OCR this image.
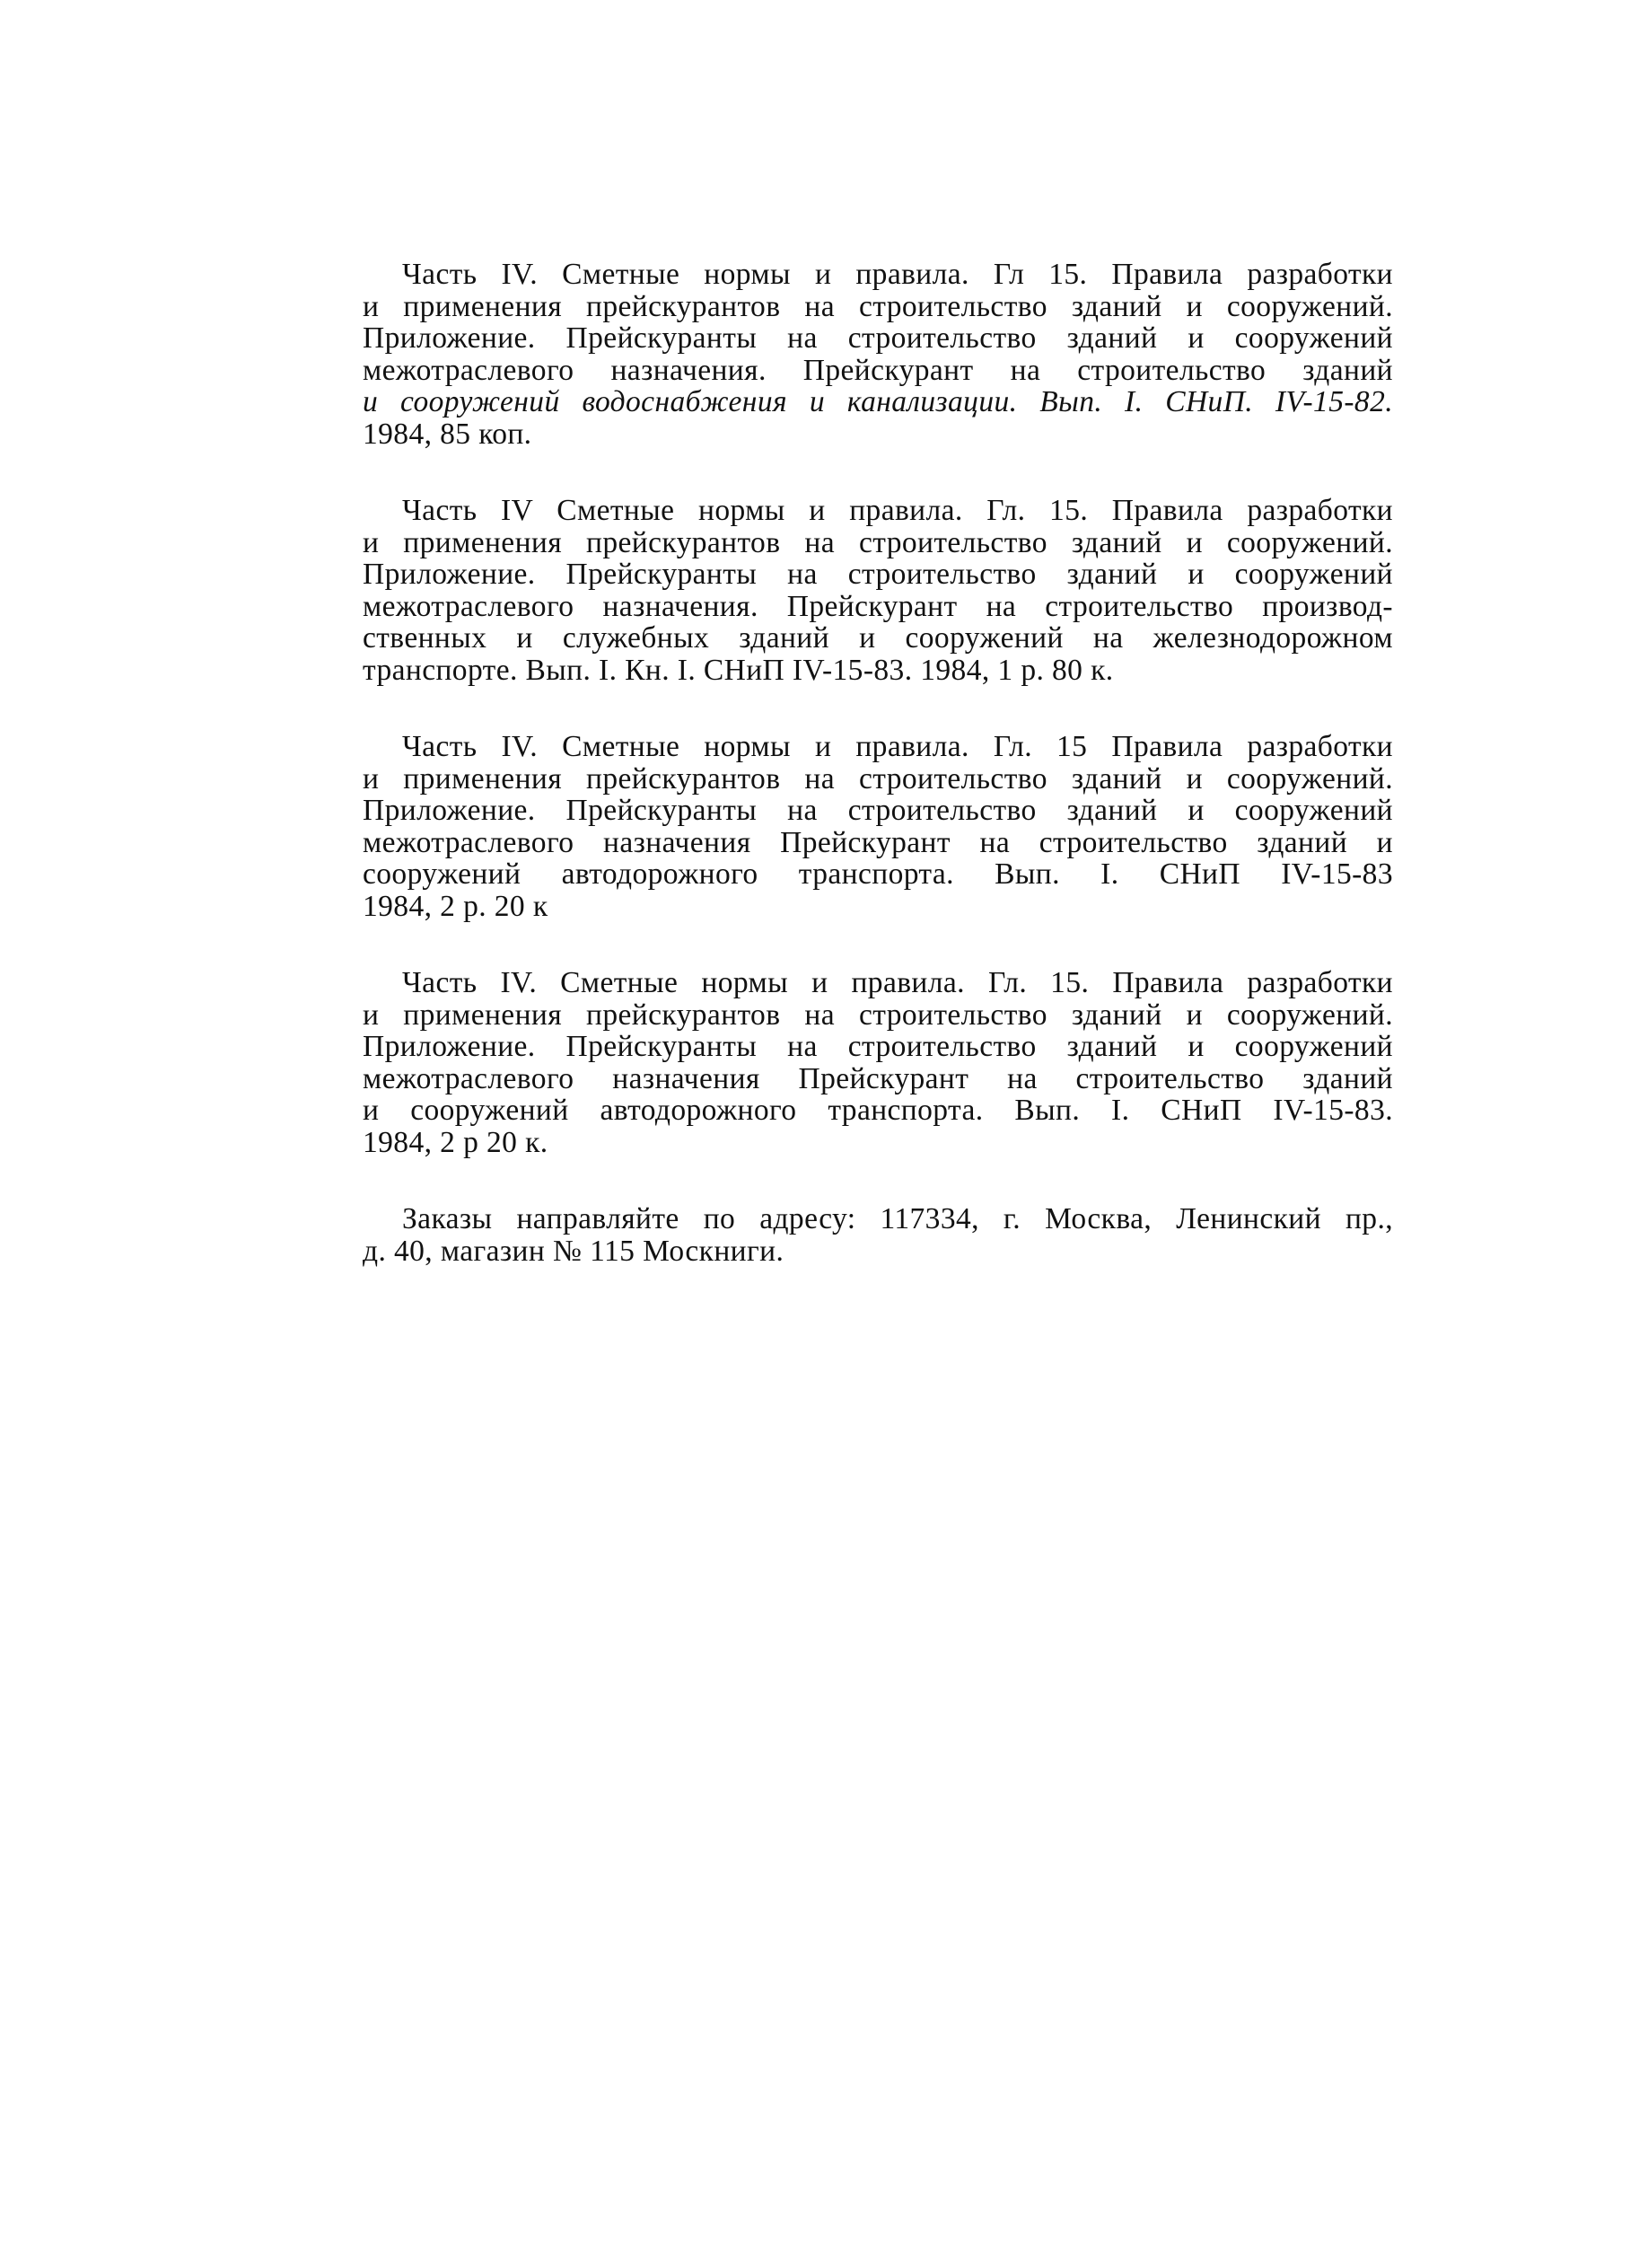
Часть IV. Сметные нормы и правила. Гл 15. Правила разработки
и применения прейскурантов на строительство зданий и сооружений.
Приложение. Прейскуранты на строительство зданий и сооружений
межотраслевого назначения. Прейскурант на строительство зданий
и сооружений водоснабжения и канализации. Вып. I. СНиП. IV-15-82.
1984, 85 коп.
Часть IV Сметные нормы и правила. Гл. 15. Правила разработки
и применения прейскурантов на строительство зданий и сооружений.
Приложение. Прейскуранты на строительство зданий и сооружений
межотраслевого назначения. Прейскурант на строительство производ-
ственных и служебных зданий и сооружений на железнодорожном
транспорте. Вып. I. Кн. I. СНиП IV-15-83. 1984, 1 р. 80 к.
Часть IV. Сметные нормы и правила. Гл. 15 Правила разработки
и применения прейскурантов на строительство зданий и сооружений.
Приложение. Прейскуранты на строительство зданий и сооружений
межотраслевого назначения Прейскурант на строительство зданий и
сооружений автодорожного транспорта. Вып. I. СНиП IV-15-83
1984, 2 р. 20 к
Часть IV. Сметные нормы и правила. Гл. 15. Правила разработки
и применения прейскурантов на строительство зданий и сооружений.
Приложение. Прейскуранты на строительство зданий и сооружений
межотраслевого назначения Прейскурант на строительство зданий
и сооружений автодорожного транспорта. Вып. I. СНиП IV-15-83.
1984, 2 р 20 к.
Заказы направляйте по адресу: 117334, г. Москва, Ленинский пр.,
д. 40, магазин № 115 Москниги.
